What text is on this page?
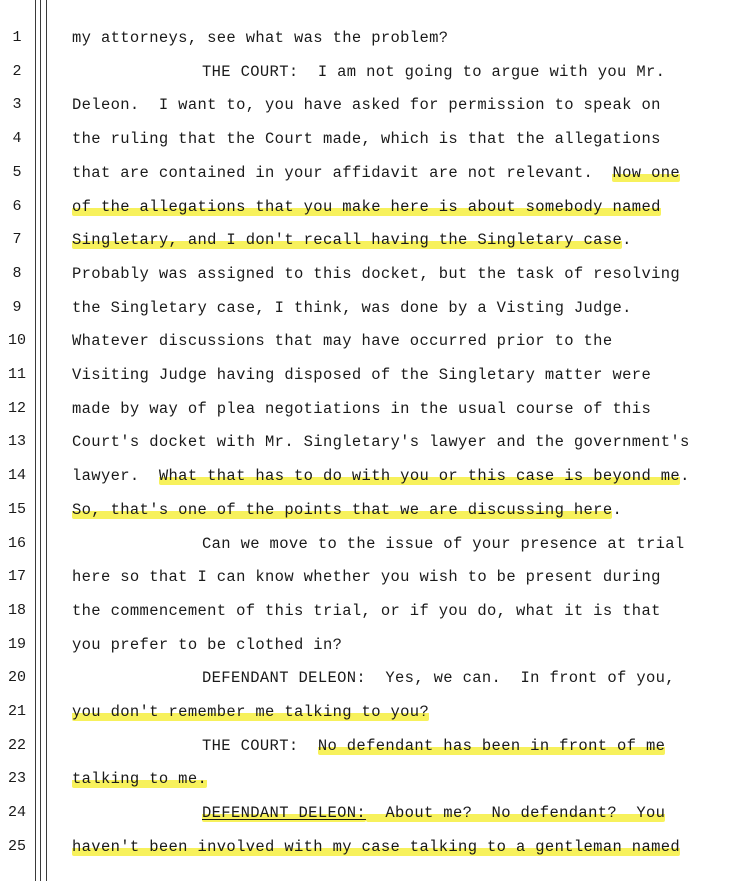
1
2
3
4
5
6
7
8
9
10
11
12
13
14
15
16
17
18
19
20
21
22
23
24
25
my attorneys, see what was the problem?
THE COURT:  I am not going to argue with you Mr.
Deleon.  I want to, you have asked for permission to speak on
the ruling that the Court made, which is that the allegations
that are contained in your affidavit are not relevant.  Now one
of the allegations that you make here is about somebody named
Singletary, and I don't recall having the Singletary case.
Probably was assigned to this docket, but the task of resolving
the Singletary case, I think, was done by a Visting Judge.
Whatever discussions that may have occurred prior to the
Visiting Judge having disposed of the Singletary matter were
made by way of plea negotiations in the usual course of this
Court's docket with Mr. Singletary's lawyer and the government's
lawyer.  What that has to do with you or this case is beyond me.
So, that's one of the points that we are discussing here.
Can we move to the issue of your presence at trial
here so that I can know whether you wish to be present during
the commencement of this trial, or if you do, what it is that
you prefer to be clothed in?
DEFENDANT DELEON:  Yes, we can.  In front of you,
you don't remember me talking to you?
THE COURT:  No defendant has been in front of me
talking to me.
DEFENDANT DELEON:  About me?  No defendant?  You
haven't been involved with my case talking to a gentleman named
